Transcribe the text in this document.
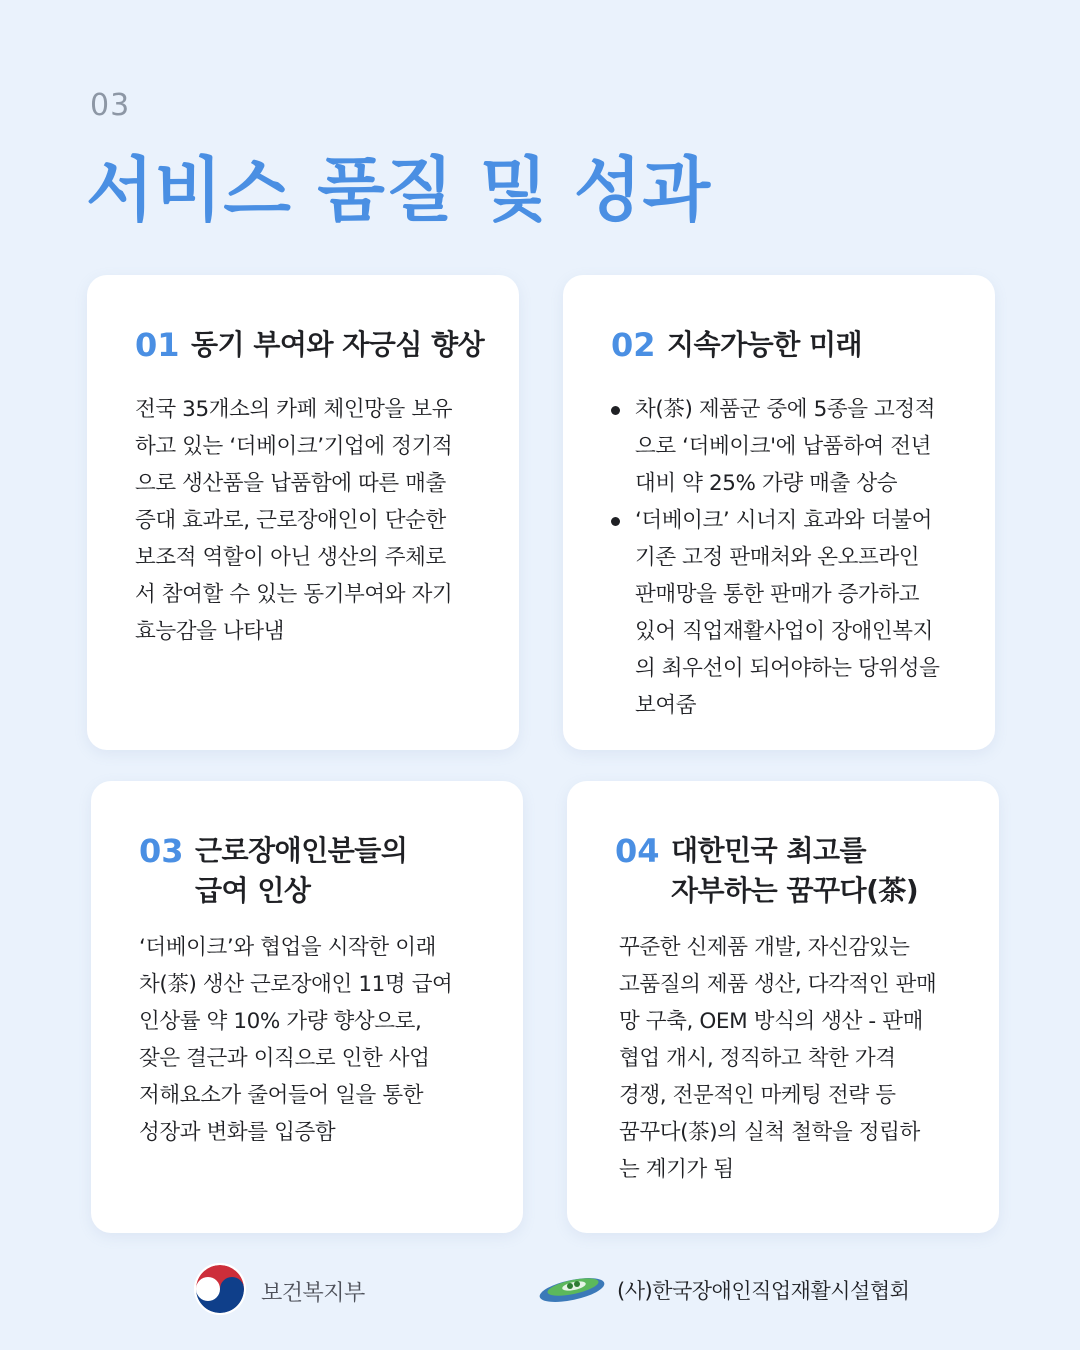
03
서비스 품질 및 성과
01 동기 부여와 자긍심 향상
전국 35개소의 카페 체인망을 보유
하고 있는 ‘더베이크’기업에 정기적
으로 생산품을 납품함에 따른 매출
증대 효과로, 근로장애인이 단순한
보조적 역할이 아닌 생산의 주체로
서 참여할 수 있는 동기부여와 자기
효능감을 나타냄
02 지속가능한 미래
차(茶) 제품군 중에 5종을 고정적
으로 ‘더베이크'에 납품하여 전년
대비 약 25% 가량 매출 상승
‘더베이크’ 시너지 효과와 더불어
기존 고정 판매처와 온오프라인
판매망을 통한 판매가 증가하고
있어 직업재활사업이 장애인복지
의 최우선이 되어야하는 당위성을
보여줌
03 근로장애인분들의
급여 인상
‘더베이크’와 협업을 시작한 이래
차(茶) 생산 근로장애인 11명 급여
인상률 약 10% 가량 향상으로,
잦은 결근과 이직으로 인한 사업
저해요소가 줄어들어 일을 통한
성장과 변화를 입증함
04 대한민국 최고를
자부하는 꿈꾸다(茶)
꾸준한 신제품 개발, 자신감있는
고품질의 제품 생산, 다각적인 판매
망 구축, OEM 방식의 생산 - 판매
협업 개시, 정직하고 착한 가격
경쟁, 전문적인 마케팅 전략 등
꿈꾸다(茶)의 실척 철학을 정립하
는 계기가 됨
보건복지부	(사)한국장애인직업재활시설협회
